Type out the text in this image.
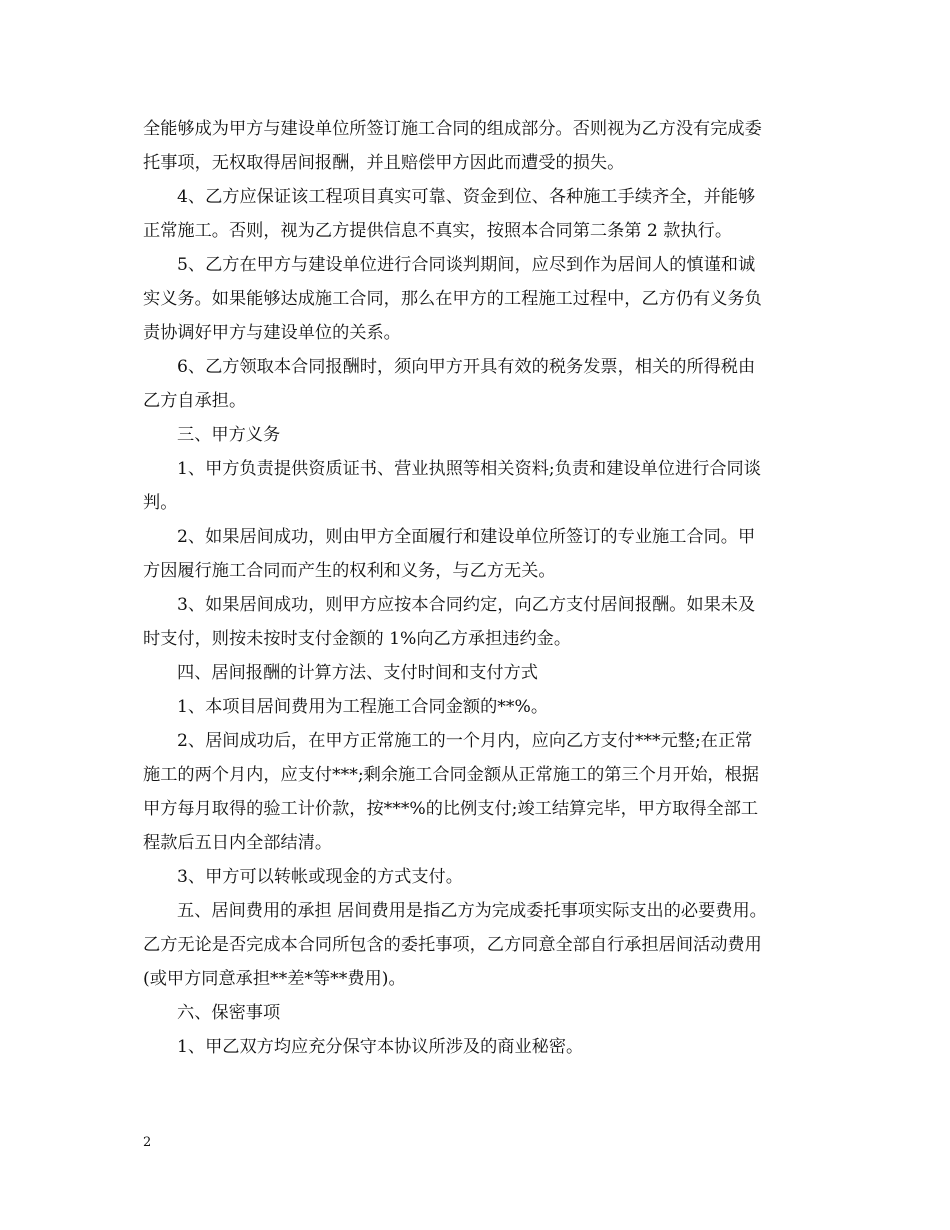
全能够成为甲方与建设单位所签订施工合同的组成部分。否则视为乙方没有完成委
托事项，无权取得居间报酬，并且赔偿甲方因此而遭受的损失。
4、乙方应保证该工程项目真实可靠、资金到位、各种施工手续齐全，并能够
正常施工。否则，视为乙方提供信息不真实，按照本合同第二条第 2 款执行。
5、乙方在甲方与建设单位进行合同谈判期间，应尽到作为居间人的慎谨和诚
实义务。如果能够达成施工合同，那么在甲方的工程施工过程中，乙方仍有义务负
责协调好甲方与建设单位的关系。
6、乙方领取本合同报酬时，须向甲方开具有效的税务发票，相关的所得税由
乙方自承担。
三、甲方义务
1、甲方负责提供资质证书、营业执照等相关资料;负责和建设单位进行合同谈
判。
2、如果居间成功，则由甲方全面履行和建设单位所签订的专业施工合同。甲
方因履行施工合同而产生的权利和义务，与乙方无关。
3、如果居间成功，则甲方应按本合同约定，向乙方支付居间报酬。如果未及
时支付，则按未按时支付金额的 1%向乙方承担违约金。
四、居间报酬的计算方法、支付时间和支付方式
1、本项目居间费用为工程施工合同金额的**%。
2、居间成功后，在甲方正常施工的一个月内，应向乙方支付***元整;在正常
施工的两个月内，应支付***;剩余施工合同金额从正常施工的第三个月开始，根据
甲方每月取得的验工计价款，按***%的比例支付;竣工结算完毕，甲方取得全部工
程款后五日内全部结清。
3、甲方可以转帐或现金的方式支付。
五、居间费用的承担 居间费用是指乙方为完成委托事项实际支出的必要费用。
乙方无论是否完成本合同所包含的委托事项，乙方同意全部自行承担居间活动费用
(或甲方同意承担**差*等**费用)。
六、保密事项
1、甲乙双方均应充分保守本协议所涉及的商业秘密。
2
